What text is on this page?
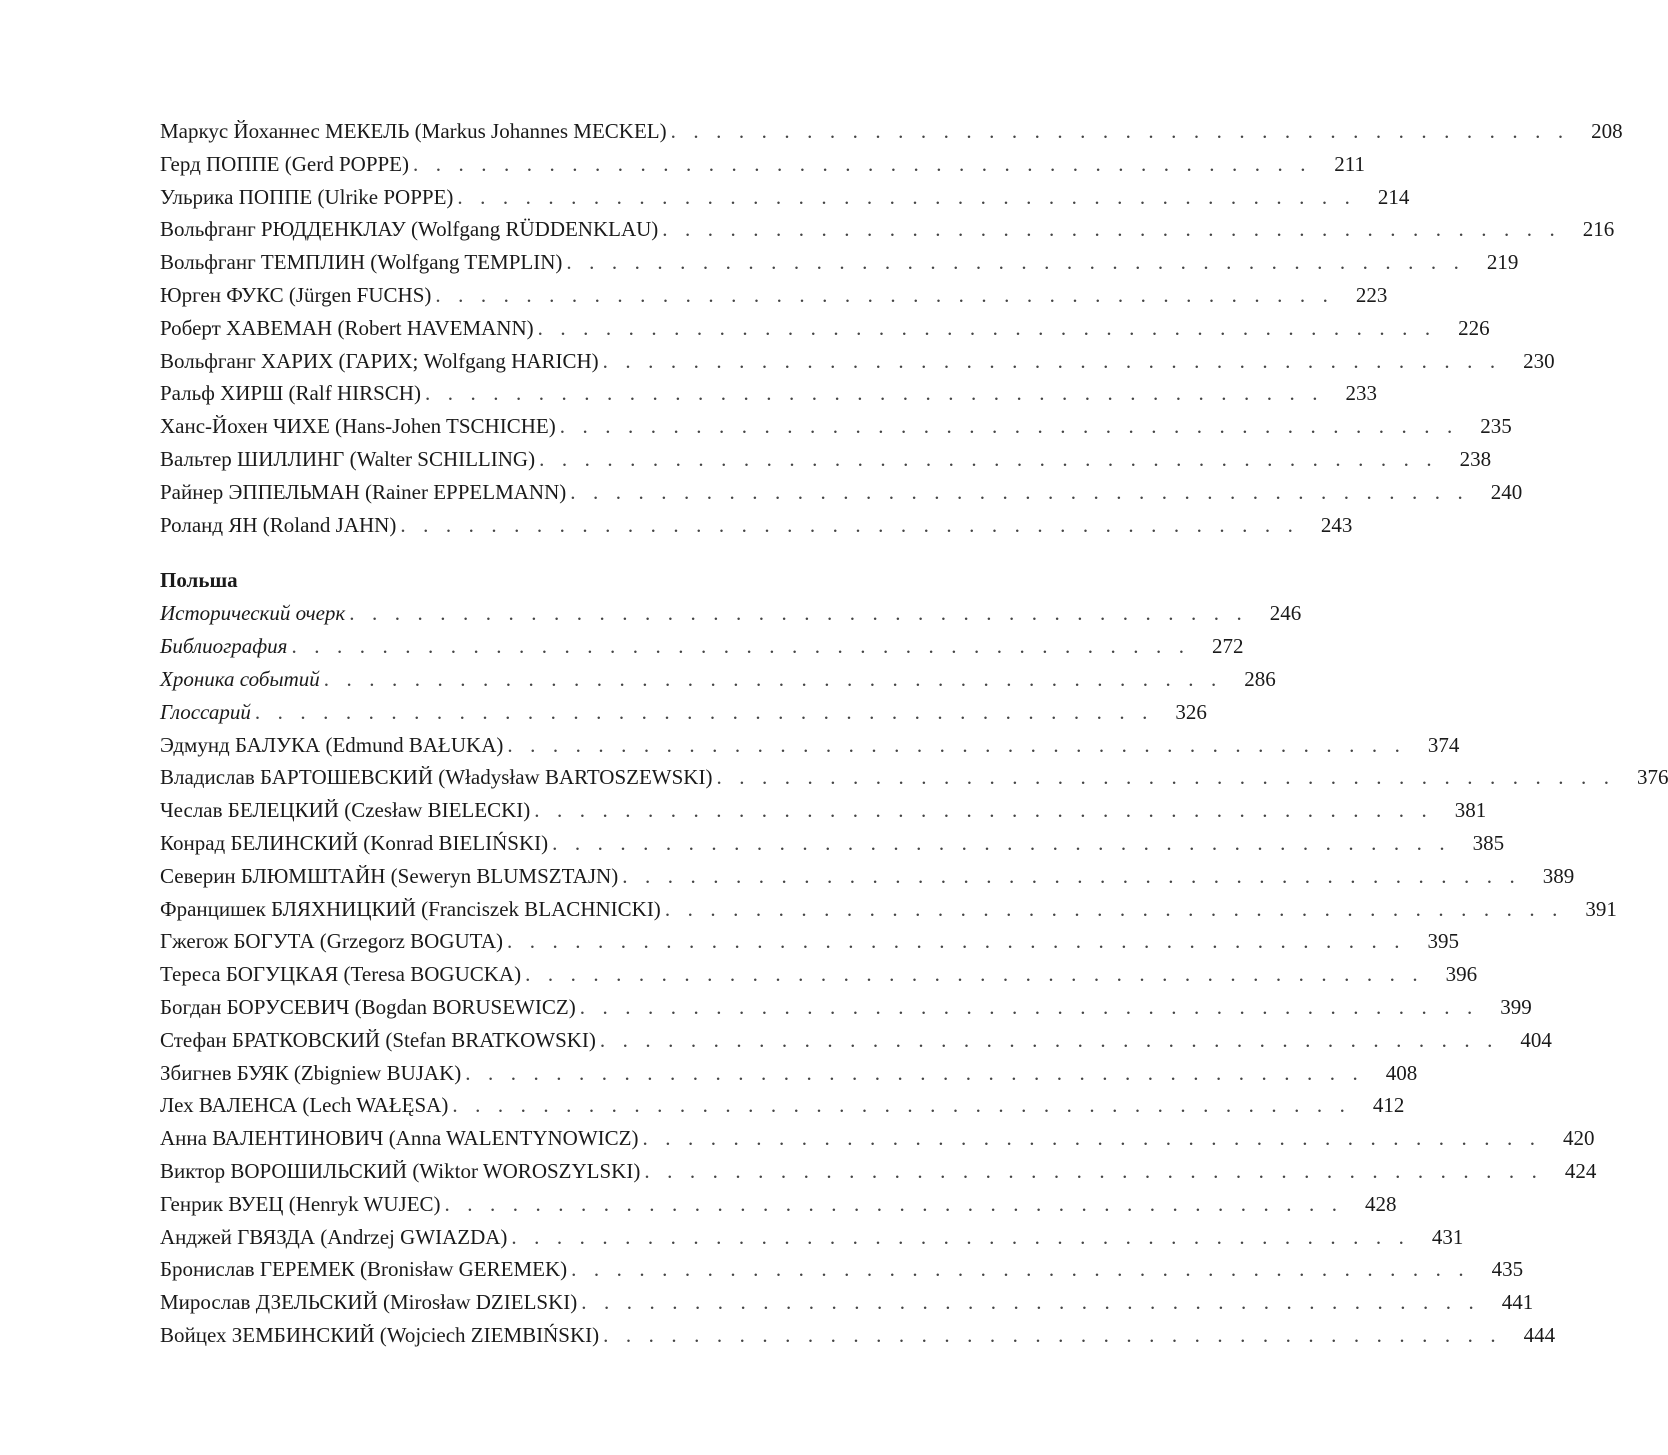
Маркус Йоханнес МЕКЕЛЬ (Markus Johannes MECKEL) ........................................ 208
Герд ПОППЕ (Gerd POPPE) ........................................ 211
Ульрика ПОППЕ (Ulrike POPPE) ........................................ 214
Вольфганг РЮДДЕНКЛАУ (Wolfgang RÜDDENKLAU) ........................................ 216
Вольфганг ТЕМПЛИН (Wolfgang TEMPLIN) ........................................ 219
Юрген ФУКС (Jürgen FUCHS) ........................................ 223
Роберт ХАВЕМАН (Robert HAVEMANN) ........................................ 226
Вольфганг ХАРИХ (ГАРИХ; Wolfgang HARICH) ........................................ 230
Ральф ХИРШ (Ralf HIRSCH) ........................................ 233
Ханс-Йохен ЧИХЕ (Hans-Johen TSCHICHE) ........................................ 235
Вальтер ШИЛЛИНГ (Walter SCHILLING) ........................................ 238
Райнер ЭППЕЛЬМАН (Rainer EPPELMANN) ........................................ 240
Роланд ЯН (Roland JAHN) ........................................ 243
Польша
Исторический очерк ........................................ 246
Библиография ........................................ 272
Хроника событий ........................................ 286
Глоссарий ........................................ 326
Эдмунд БАЛУКА (Edmund BAŁUKA) ........................................ 374
Владислав БАРТОШЕВСКИЙ (Władysław BARTOSZEWSKI) ........................................ 376
Чеслав БЕЛЕЦКИЙ (Czesław BIELECKI) ........................................ 381
Конрад БЕЛИНСКИЙ (Konrad BIELIŃSKI) ........................................ 385
Северин БЛЮМШТАЙН (Seweryn BLUMSZTAJN) ........................................ 389
Францишек БЛЯХНИЦКИЙ (Franciszek BLACHNICKI) ........................................ 391
Гжегож БОГУТА (Grzegorz BOGUTA) ........................................ 395
Тереса БОГУЦКАЯ (Teresa BOGUCKA) ........................................ 396
Богдан БОРУСЕВИЧ (Bogdan BORUSEWICZ) ........................................ 399
Стефан БРАТКОВСКИЙ (Stefan BRATKOWSKI) ........................................ 404
Збигнев БУЯК (Zbigniew BUJAK) ........................................ 408
Лех ВАЛЕНСА (Lech WAŁĘSA) ........................................ 412
Анна ВАЛЕНТИНОВИЧ (Anna WALENTYNOWICZ) ........................................ 420
Виктор ВОРОШИЛЬСКИЙ (Wiktor WOROSZYLSKI) ........................................ 424
Генрик ВУЕЦ (Henryk WUJEC) ........................................ 428
Анджей ГВЯЗДА (Andrzej GWIAZDA) ........................................ 431
Бронислав ГЕРЕМЕК (Bronisław GEREMEK) ........................................ 435
Мирослав ДЗЕЛЬСКИЙ (Mirosław DZIELSKI) ........................................ 441
Войцех ЗЕМБИНСКИЙ (Wojciech ZIEMBIŃSKI) ........................................ 444
